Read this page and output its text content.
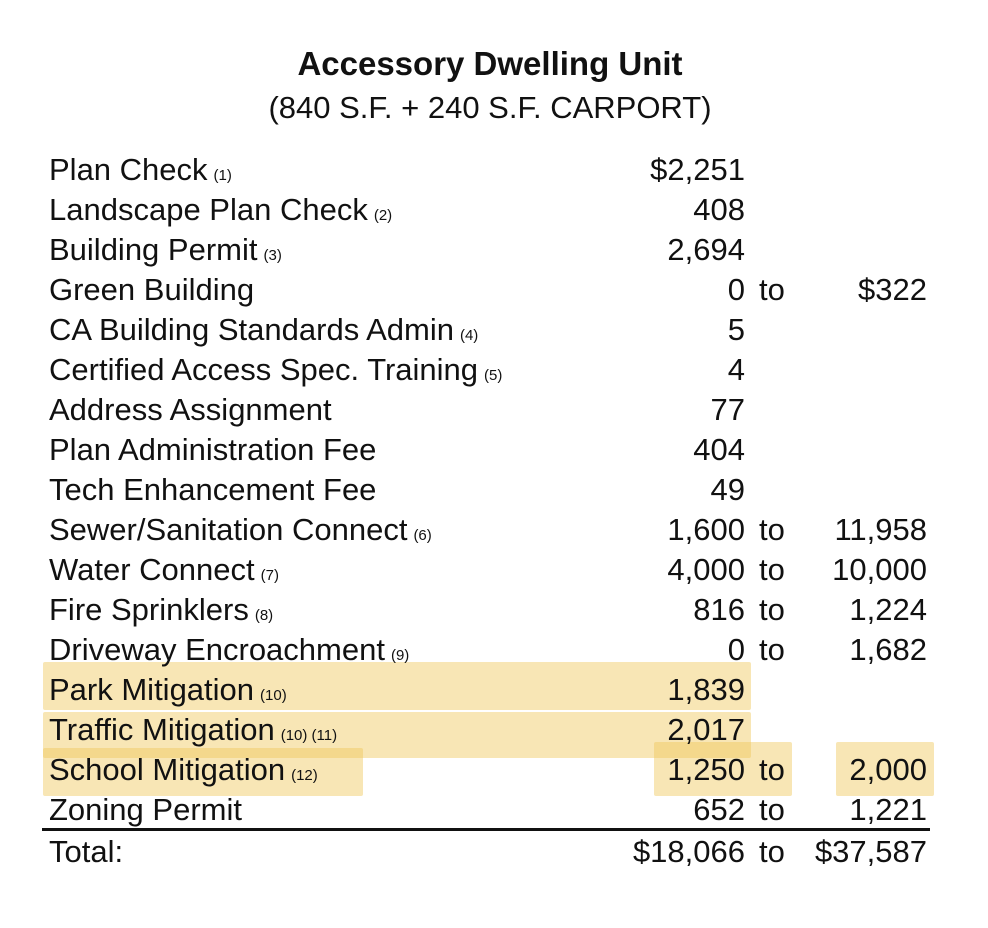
Accessory Dwelling Unit
(840 S.F. + 240 S.F. CARPORT)
Plan Check (1)	$2,251
Landscape Plan Check (2)	408
Building Permit (3)	2,694
Green Building	0 to $322
CA Building Standards Admin (4)	5
Certified Access Spec. Training (5)	4
Address Assignment	77
Plan Administration Fee	404
Tech Enhancement Fee	49
Sewer/Sanitation Connect (6)	1,600 to 11,958
Water Connect (7)	4,000 to 10,000
Fire Sprinklers (8)	816 to 1,224
Driveway Encroachment (9)	0 to 1,682
Park Mitigation (10)	1,839
Traffic Mitigation (10) (11)	2,017
School Mitigation (12)	1,250 to 2,000
Zoning Permit	652 to 1,221
Total:	$18,066 to $37,587
